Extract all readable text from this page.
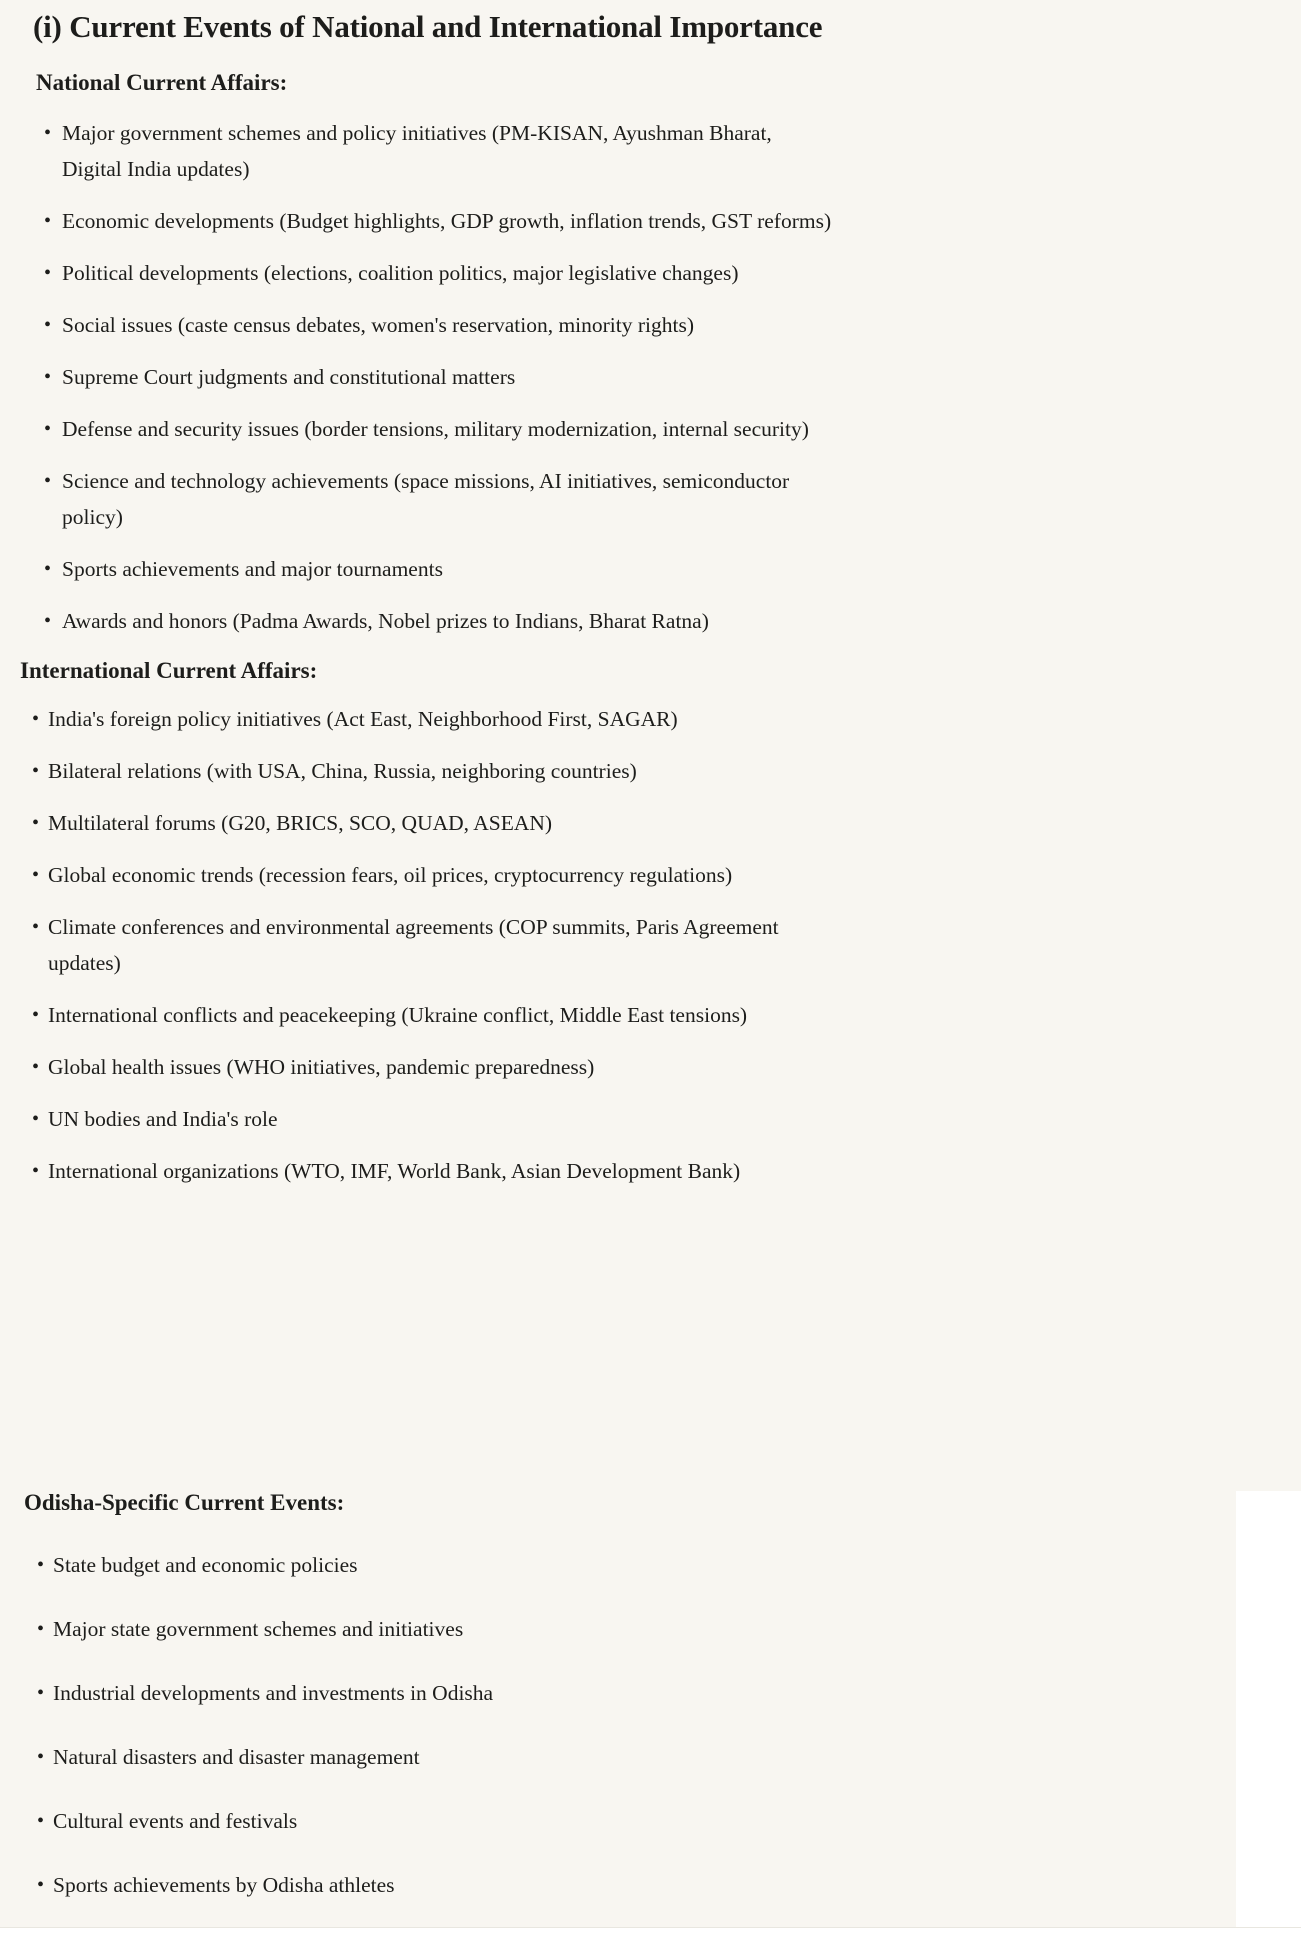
(i) Current Events of National and International Importance
National Current Affairs:
• Major government schemes and policy initiatives (PM-KISAN, Ayushman Bharat,
Digital India updates)
• Economic developments (Budget highlights, GDP growth, inflation trends, GST reforms)
• Political developments (elections, coalition politics, major legislative changes)
• Social issues (caste census debates, women's reservation, minority rights)
• Supreme Court judgments and constitutional matters
• Defense and security issues (border tensions, military modernization, internal security)
• Science and technology achievements (space missions, AI initiatives, semiconductor
policy)
• Sports achievements and major tournaments
• Awards and honors (Padma Awards, Nobel prizes to Indians, Bharat Ratna)
International Current Affairs:
• India's foreign policy initiatives (Act East, Neighborhood First, SAGAR)
• Bilateral relations (with USA, China, Russia, neighboring countries)
• Multilateral forums (G20, BRICS, SCO, QUAD, ASEAN)
• Global economic trends (recession fears, oil prices, cryptocurrency regulations)
• Climate conferences and environmental agreements (COP summits, Paris Agreement
updates)
• International conflicts and peacekeeping (Ukraine conflict, Middle East tensions)
• Global health issues (WHO initiatives, pandemic preparedness)
• UN bodies and India's role
• International organizations (WTO, IMF, World Bank, Asian Development Bank)
Odisha-Specific Current Events:
• State budget and economic policies
• Major state government schemes and initiatives
• Industrial developments and investments in Odisha
• Natural disasters and disaster management
• Cultural events and festivals
• Sports achievements by Odisha athletes
